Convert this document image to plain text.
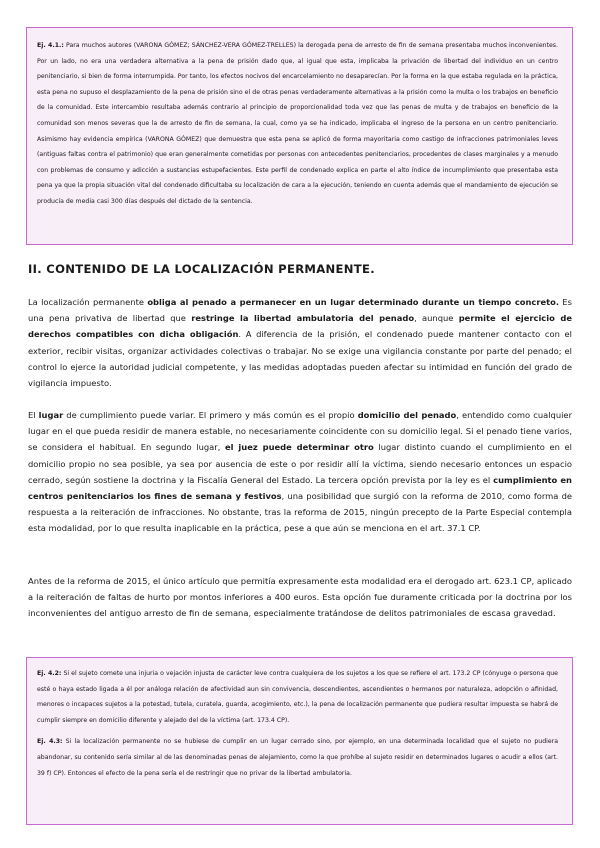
Ej. 4.1.: Para muchos autores (VARONA GÓMEZ; SÁNCHEZ-VERA GÓMEZ-TRELLES) la derogada pena de arresto de fin de semana presentaba muchos inconvenientes. Por un lado, no era una verdadera alternativa a la pena de prisión dado que, al igual que esta, implicaba la privación de libertad del individuo en un centro penitenciario, si bien de forma interrumpida. Por tanto, los efectos nocivos del encarcelamiento no desaparecían. Por la forma en la que estaba regulada en la práctica, esta pena no supuso el desplazamiento de la pena de prisión sino el de otras penas verdaderamente alternativas a la prisión como la multa o los trabajos en beneficio de la comunidad. Este intercambio resultaba además contrario al principio de proporcionalidad toda vez que las penas de multa y de trabajos en beneficio de la comunidad son menos severas que la de arresto de fin de semana, la cual, como ya se ha indicado, implicaba el ingreso de la persona en un centro penitenciario. Asimismo hay evidencia empírica (VARONA GÓMEZ) que demuestra que esta pena se aplicó de forma mayoritaria como castigo de infracciones patrimoniales leves (antiguas faltas contra el patrimonio) que eran generalmente cometidas por personas con antecedentes penitenciarios, procedentes de clases marginales y a menudo con problemas de consumo y adicción a sustancias estupefacientes. Este perfil de condenado explica en parte el alto índice de incumplimiento que presentaba esta pena ya que la propia situación vital del condenado dificultaba su localización de cara a la ejecución, teniendo en cuenta además que el mandamiento de ejecución se producía de media casi 300 días después del dictado de la sentencia.

II. CONTENIDO DE LA LOCALIZACIÓN PERMANENTE.

La localización permanente obliga al penado a permanecer en un lugar determinado durante un tiempo concreto. Es una pena privativa de libertad que restringe la libertad ambulatoria del penado, aunque permite el ejercicio de derechos compatibles con dicha obligación. A diferencia de la prisión, el condenado puede mantener contacto con el exterior, recibir visitas, organizar actividades colectivas o trabajar. No se exige una vigilancia constante por parte del penado; el control lo ejerce la autoridad judicial competente, y las medidas adoptadas pueden afectar su intimidad en función del grado de vigilancia impuesto.

El lugar de cumplimiento puede variar. El primero y más común es el propio domicilio del penado, entendido como cualquier lugar en el que pueda residir de manera estable, no necesariamente coincidente con su domicilio legal. Si el penado tiene varios, se considera el habitual. En segundo lugar, el juez puede determinar otro lugar distinto cuando el cumplimiento en el domicilio propio no sea posible, ya sea por ausencia de este o por residir allí la víctima, siendo necesario entonces un espacio cerrado, según sostiene la doctrina y la Fiscalía General del Estado. La tercera opción prevista por la ley es el cumplimiento en centros penitenciarios los fines de semana y festivos, una posibilidad que surgió con la reforma de 2010, como forma de respuesta a la reiteración de infracciones. No obstante, tras la reforma de 2015, ningún precepto de la Parte Especial contempla esta modalidad, por lo que resulta inaplicable en la práctica, pese a que aún se menciona en el art. 37.1 CP.

Antes de la reforma de 2015, el único artículo que permitía expresamente esta modalidad era el derogado art. 623.1 CP, aplicado a la reiteración de faltas de hurto por montos inferiores a 400 euros. Esta opción fue duramente criticada por la doctrina por los inconvenientes del antiguo arresto de fin de semana, especialmente tratándose de delitos patrimoniales de escasa gravedad.

Ej. 4.2: Si el sujeto comete una injuria o vejación injusta de carácter leve contra cualquiera de los sujetos a los que se refiere el art. 173.2 CP (cónyuge o persona que esté o haya estado ligada a él por análoga relación de afectividad aun sin convivencia, descendientes, ascendientes o hermanos por naturaleza, adopción o afinidad, menores o incapaces sujetos a la potestad, tutela, curatela, guarda, acogimiento, etc.), la pena de localización permanente que pudiera resultar impuesta se habrá de cumplir siempre en domicilio diferente y alejado del de la víctima (art. 173.4 CP).

Ej. 4.3: Si la localización permanente no se hubiese de cumplir en un lugar cerrado sino, por ejemplo, en una determinada localidad que el sujeto no pudiera abandonar, su contenido sería similar al de las denominadas penas de alejamiento, como la que prohíbe al sujeto residir en determinados lugares o acudir a ellos (art. 39 f) CP). Entonces el efecto de la pena sería el de restringir que no privar de la libertad ambulatoria.
